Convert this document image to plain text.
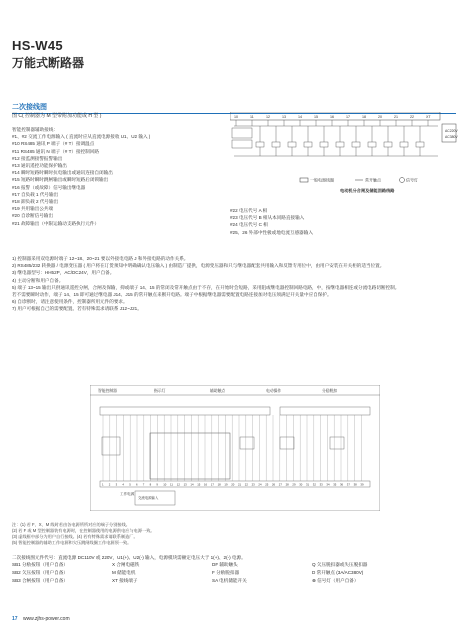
HS-W45
万能式断路器
二次接线图
图 C( 控制器为 M 型带附加功能或 H 型 )
智能控制器辅助接线：
#1、#2 交流工作电源输入 ( 直流时应从直流电源接收 U1、U2 输入 )
#10 RS485 通讯 P 端子（# T）接调温点
#11 RS485 通讯 N 端子（# T）接控制回路
#12 接监测接警报警输出
#13 通讯遥控功能保护输出
#14 瞬时短路时瞬时抗电输出或通讯连接自闭输出
#15 短路时瞬时跳闸输出或瞬时短路后闭锁输出
#16 报警（或故障）信号输出继电器
#17 自负载 1 代号输出
#18 卸负载 2 代号输出
#19 共用输出公共端
#20 自诊断信号输出
#21 故障输出（中限运输动支路执行元件）
10	11	12	13	14	15	16	17	18	20	21	22	XT
AC220V
AC380V
一般电器线圈	常开触点	信号灯
电动机分合闸及储能回路线路
#22 电压代号 A 相
#23 电压代号 B 相从本同路直接输入
#24 电压代号 C 相
#25、26 外部中性极或地电流互感器输入
1) 控制器采用双电源时端子 12~18、20~21 要以外接电电路 J 和外接电路的动作关系。
2) RS485/232 转换器 / 电源变压器 ( 用户将在订货须知中明确确认电压输入 ) 由制造厂提供，电源变压器和只与继电器配套共用输入和反馈专用位中，由用户安装在开关柜的适当位置。
3) 继电器型号：HH52P，AC/DC24V，用户自备。
4) 主动分断和用户自备。
5) 端子 13~15 输出只供通讯遥控分闸，合闸及保输，抑或端子 14、15 的常闭及常开触点由于不存，在开始时会短路，采用阻或继电器控制回路电路，中，按继电器相连或分流电路切断控制。
若不需要瞬时动作，端子 14、15 即可通过继电器 J14、J15 的常开触点来断开电路。端子中根据继电器需要配置电路连接加对电压须满足开关量中应自保护。
6) 自诊断时，请注意使用条件，控制器所用元件的要求。
7) 用户可根据自己的需要配置。若有特殊需求请联系 J12~J21。
智能控制器	指示灯	辅助触点	电动操作	分励脱扣
1 2 3 4 5 6 7 8 9 10 11 12 13 14 15 16 17 18 19 20 21 22 23 24 25 26 27 28 29 30 31 32 33 34 35 36 37 38 39
工作电源
交流电源输入
注：(1) 若 F、X、M 线时若由各电源所所对应的端子分别接线。
(2) 若 F 或 M 型控制器装有电源时，在控制器使用的电源供电应与电源一致。
(3) 虚线框中部分为用户自行接线。(4) 若有特殊需求请联系制造厂。
(5) 智能控制器的辅助工作电源和欠压跳闸线圈工作电源须一致。
二次接线图元件代号：直流电源 DC110V 或 220V，U1(+)、U2(-) 输入，电源模块需额定电压大于 1(+)、2(-) 电源。
SB1 分励按钮（用户自备）	X 合闸电磁铁	DF 辅助触头	Q 欠压脱扣器或失压脱扣器
SB2 欠压按钮（用户自备）	M 储能电机	F 分励脱扣器	D 常开触点 (3A/AC380V)
SB3 合闸按钮（用户自备）	XT 接线端子	SA 电机储能开关	⊗ 信号灯（用户自备）
17 www.zjhs-power.com
